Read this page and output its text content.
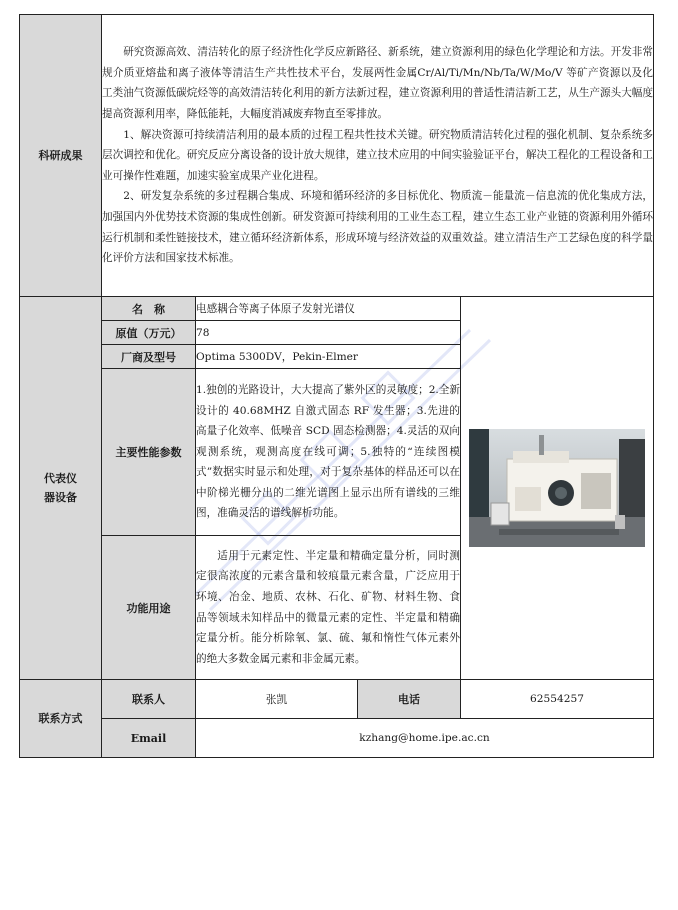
科研成果	研究资源高效、清洁转化的原子经济性化学反应新路径、新系统，建立资源利用的绿色化学理论和方法。开发非常规介质亚熔盐和离子液体等清洁生产共性技术平台，发展两性金属Cr/Al/Ti/Mn/Nb/Ta/W/Mo/V 等矿产资源以及化工类油气资源低碳烷烃等的高效清洁转化利用的新方法新过程，建立资源利用的普适性清洁新工艺，从生产源头大幅度提高资源利用率，降低能耗，大幅度消减废弃物直至零排放。

1、解决资源可持续清洁利用的最本质的过程工程共性技术关键。研究物质清洁转化过程的强化机制、复杂系统多层次调控和优化。研究反应分离设备的设计放大规律，建立技术应用的中间实验验证平台，解决工程化的工程设备和工业可操作性难题，加速实验室成果产业化进程。

2、研发复杂系统的多过程耦合集成、环境和循环经济的多目标优化、物质流－能量流－信息流的优化集成方法，加强国内外优势技术资源的集成性创新。研发资源可持续利用的工业生态工程，建立生态工业产业链的资源利用外循环运行机制和柔性链接技术，建立循环经济新体系，形成环境与经济效益的双重效益。建立清洁生产工艺绿色度的科学量化评价方法和国家技术标准。			

代表仪器设备	名　称	电感耦合等离子体原子发射光谱仪	

	原值（万元）	78		
	厂商及型号	Optima 5300DV，Pekin-Elmer		
	主要性能参数	1.独创的光路设计，大大提高了紫外区的灵敏度；2.全新设计的 40.68MHZ 自激式固态 RF 发生器；3.先进的高量子化效率、低噪音 SCD 固态检测器；4.灵活的双向观测系统，观测高度在线可调；5.独特的“连续图模式”数据实时显示和处理，对于复杂基体的样品还可以在中阶梯光栅分出的二维光谱图上显示出所有谱线的三维图，准确灵活的谱线解析功能。		

	功能用途	适用于元素定性、半定量和精确定量分析，同时测定很高浓度的元素含量和较痕量元素含量，广泛应用于环境、冶金、地质、农林、石化、矿物、材料生物、食品等领域未知样品中的微量元素的定性、半定量和精确定量分析。能分析除氧、氯、硫、氟和惰性气体元素外的绝大多数金属元素和非金属元素。		

联系方式	联系人	张凯	电话	62554257
	Email	kzhang@home.ipe.ac.cn		
